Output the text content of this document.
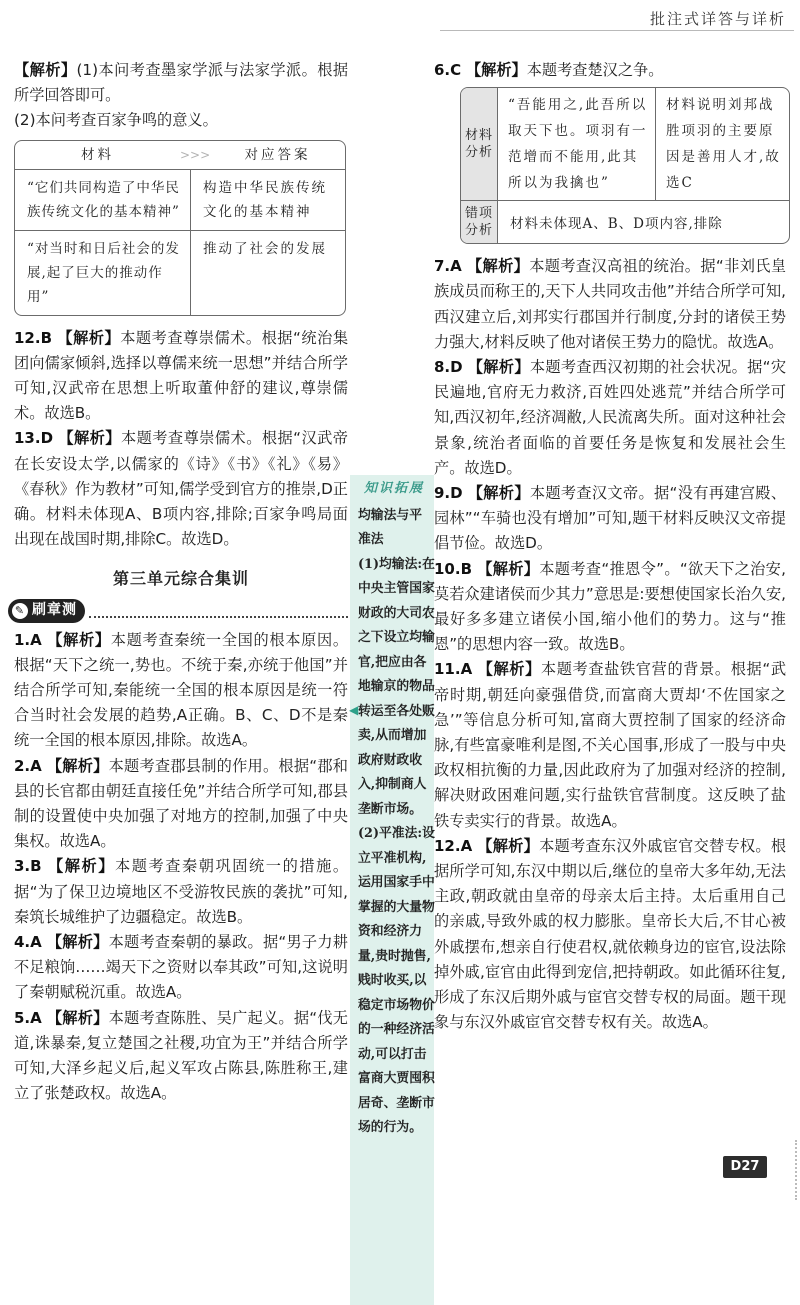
批注式详答与详析

【解析】(1)本问考查墨家学派与法家学派。根据所学回答即可。

(2)本问考查百家争鸣的意义。

材料	>>>	对应答案
“它们共同构造了中华民族传统文化的基本精神”
构造中华民族传统文化的基本精神
“对当时和日后社会的发展,起了巨大的推动作用”
推动了社会的发展

12.B 【解析】本题考查尊崇儒术。根据“统治集团向儒家倾斜,选择以尊儒来统一思想”并结合所学可知,汉武帝在思想上听取董仲舒的建议,尊崇儒术。故选B。

13.D 【解析】本题考查尊崇儒术。根据“汉武帝在长安设太学,以儒家的《诗》《书》《礼》《易》《春秋》作为教材”可知,儒学受到官方的推崇,D正确。材料未体现A、B项内容,排除;百家争鸣局面出现在战国时期,排除C。故选D。

第三单元综合集训
✎ 刷章测

1.A 【解析】本题考查秦统一全国的根本原因。根据“天下之统一,势也。不统于秦,亦统于他国”并结合所学可知,秦能统一全国的根本原因是统一符合当时社会发展的趋势,A正确。B、C、D不是秦统一全国的根本原因,排除。故选A。

2.A 【解析】本题考查郡县制的作用。根据“郡和县的长官都由朝廷直接任免”并结合所学可知,郡县制的设置使中央加强了对地方的控制,加强了中央集权。故选A。

3.B 【解析】本题考查秦朝巩固统一的措施。据“为了保卫边境地区不受游牧民族的袭扰”可知,秦筑长城维护了边疆稳定。故选B。

4.A 【解析】本题考查秦朝的暴政。据“男子力耕不足粮饷……竭天下之资财以奉其政”可知,这说明了秦朝赋税沉重。故选A。

5.A 【解析】本题考查陈胜、吴广起义。据“伐无道,诛暴秦,复立楚国之社稷,功宜为王”并结合所学可知,大泽乡起义后,起义军攻占陈县,陈胜称王,建立了张楚政权。故选A。

知识拓展
均输法与平
准法
(1)均输法:在
中央主管国家
财政的大司农
之下设立均输
官,把应由各
地输京的物品
转运至各处贩
卖,从而增加
政府财政收
入,抑制商人
垄断市场。
(2)平准法:设
立平准机构,
运用国家手中
掌握的大量物
资和经济力
量,贵时抛售,
贱时收买,以
稳定市场物价
的一种经济活
动,可以打击
富商大贾囤积
居奇、垄断市
场的行为。
◀

6.C 【解析】本题考查楚汉之争。

材料分析
“吾能用之,此吾所以取天下也。项羽有一范增而不能用,此其所以为我擒也”
材料说明刘邦战胜项羽的主要原因是善用人才,故选C
错项分析	材料未体现A、B、D项内容,排除

7.A 【解析】本题考查汉高祖的统治。据“非刘氏皇族成员而称王的,天下人共同攻击他”并结合所学可知,西汉建立后,刘邦实行郡国并行制度,分封的诸侯王势力强大,材料反映了他对诸侯王势力的隐忧。故选A。

8.D 【解析】本题考查西汉初期的社会状况。据“灾民遍地,官府无力救济,百姓四处逃荒”并结合所学可知,西汉初年,经济凋敝,人民流离失所。面对这种社会景象,统治者面临的首要任务是恢复和发展社会生产。故选D。

9.D 【解析】本题考查汉文帝。据“没有再建宫殿、园林”“车骑也没有增加”可知,题干材料反映汉文帝提倡节俭。故选D。

10.B 【解析】本题考查“推恩令”。“欲天下之治安,莫若众建诸侯而少其力”意思是:要想使国家长治久安,最好多多建立诸侯小国,缩小他们的势力。这与“推恩”的思想内容一致。故选B。

11.A 【解析】本题考查盐铁官营的背景。根据“武帝时期,朝廷向豪强借贷,而富商大贾却‘不佐国家之急’”等信息分析可知,富商大贾控制了国家的经济命脉,有些富豪唯利是图,不关心国事,形成了一股与中央政权相抗衡的力量,因此政府为了加强对经济的控制,解决财政困难问题,实行盐铁官营制度。这反映了盐铁专卖实行的背景。故选A。

12.A 【解析】本题考查东汉外戚宦官交替专权。根据所学可知,东汉中期以后,继位的皇帝大多年幼,无法主政,朝政就由皇帝的母亲太后主持。太后重用自己的亲戚,导致外戚的权力膨胀。皇帝长大后,不甘心被外戚摆布,想亲自行使君权,就依赖身边的宦官,设法除掉外戚,宦官由此得到宠信,把持朝政。如此循环往复,形成了东汉后期外戚与宦官交替专权的局面。题干现象与东汉外戚宦官交替专权有关。故选A。

D27
